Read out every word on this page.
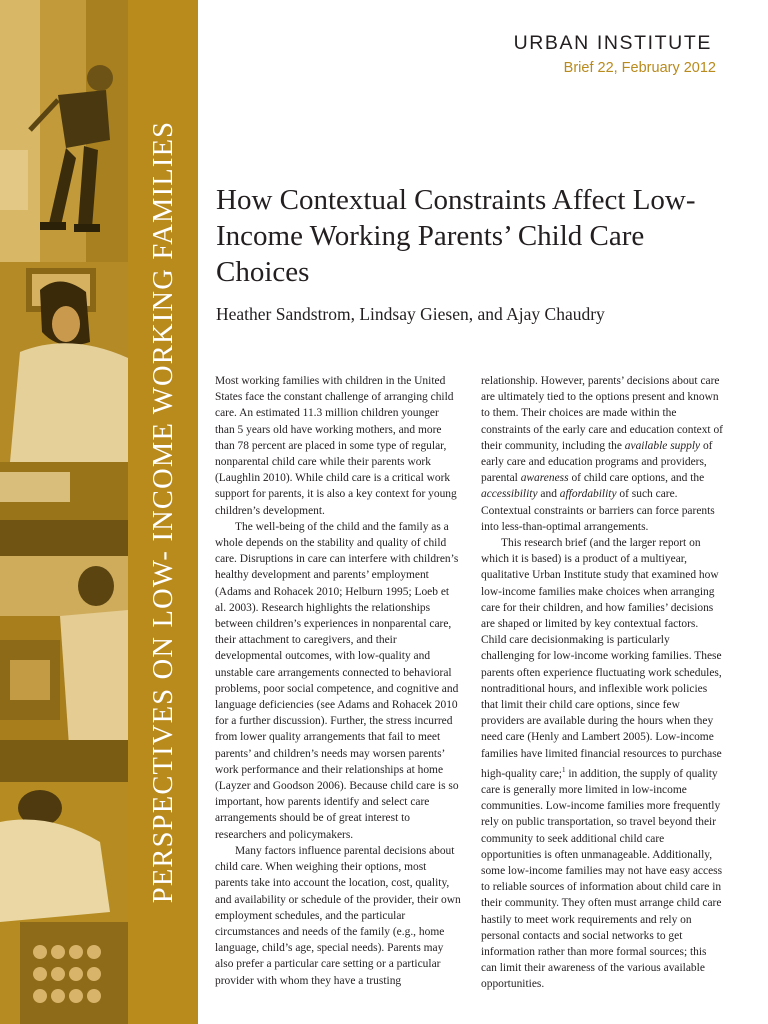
PERSPECTIVES ON LOW- INCOME WORKING FAMILIES
URBAN INSTITUTE
Brief 22, February 2012
How Contextual Constraints Affect Low-Income Working Parents’ Child Care Choices
Heather Sandstrom, Lindsay Giesen, and Ajay Chaudry

Most working families with children in the United States face the constant challenge of arranging child care. An estimated 11.3 million children younger than 5 years old have working mothers, and more than 78 percent are placed in some type of regular, nonparental child care while their parents work (Laughlin 2010). While child care is a critical work support for parents, it is also a key context for young children’s development.

The well-being of the child and the family as a whole depends on the stability and quality of child care. Disruptions in care can interfere with children’s healthy development and parents’ employment (Adams and Rohacek 2010; Helburn 1995; Loeb et al. 2003). Research highlights the relationships between children’s experiences in nonparental care, their attachment to caregivers, and their developmental outcomes, with low-quality and unstable care arrangements connected to behavioral problems, poor social competence, and cognitive and language deficiencies (see Adams and Rohacek 2010 for a further discussion). Further, the stress incurred from lower quality arrangements that fail to meet parents’ and children’s needs may worsen parents’ work performance and their relationships at home (Layzer and Goodson 2006). Because child care is so important, how parents identify and select care arrangements should be of great interest to researchers and policymakers.

Many factors influence parental decisions about child care. When weighing their options, most parents take into account the location, cost, quality, and availability or schedule of the provider, their own employment schedules, and the particular circumstances and needs of the family (e.g., home language, child’s age, special needs). Parents may also prefer a particular care setting or a particular provider with whom they have a trusting

relationship. However, parents’ decisions about care are ultimately tied to the options present and known to them. Their choices are made within the constraints of the early care and education context of their community, including the available supply of early care and education programs and providers, parental awareness of child care options, and the accessibility and affordability of such care. Contextual constraints or barriers can force parents into less-than-optimal arrangements.

This research brief (and the larger report on which it is based) is a product of a multiyear, qualitative Urban Institute study that examined how low-income families make choices when arranging care for their children, and how families’ decisions are shaped or limited by key contextual factors. Child care decisionmaking is particularly challenging for low-income working families. These parents often experience fluctuating work schedules, nontraditional hours, and inflexible work policies that limit their child care options, since few providers are available during the hours when they need care (Henly and Lambert 2005). Low-income families have limited financial resources to purchase high-quality care;$^1$ in addition, the supply of quality care is generally more limited in low-income communities. Low-income families more frequently rely on public transportation, so travel beyond their community to seek additional child care opportunities is often unmanageable. Additionally, some low-income families may not have easy access to reliable sources of information about child care in their community. They often must arrange child care hastily to meet work requirements and rely on personal contacts and social networks to get information rather than more formal sources; this can limit their awareness of the various available opportunities.
